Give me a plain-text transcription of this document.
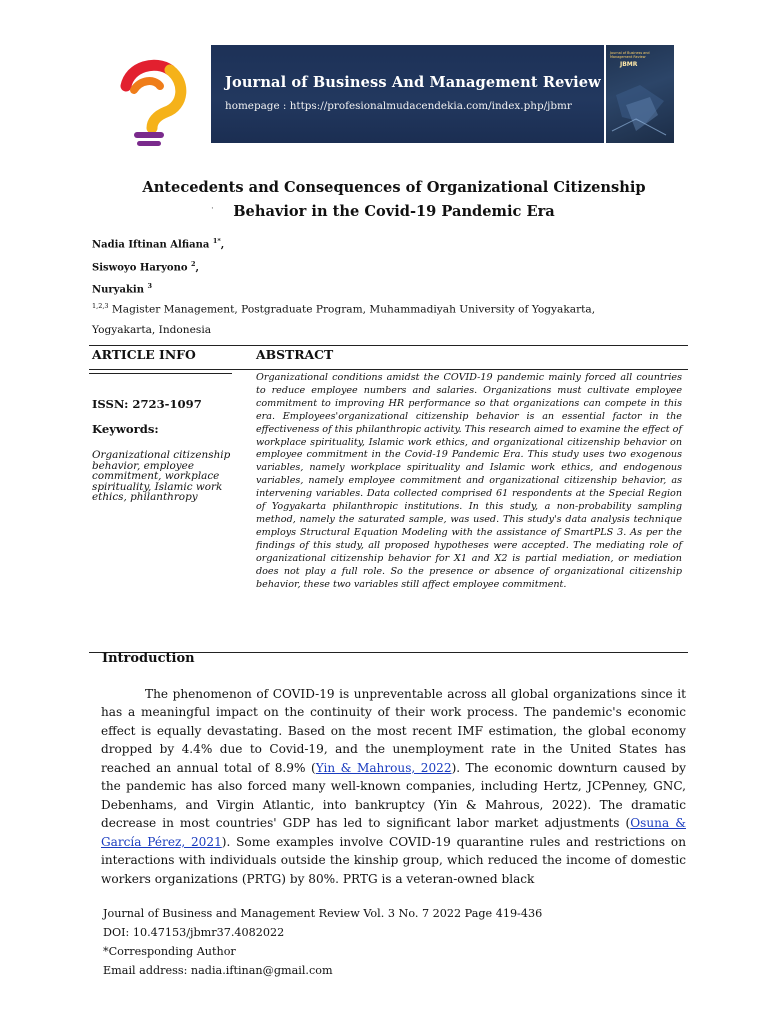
Journal of Business And Management Review
homepage : https://profesionalmudacendekia.com/index.php/jbmr
Journal of Business and Management Review
JBMR
Antecedents and Consequences of Organizational Citizenship
Behavior in the Covid-19 Pandemic Era
·
Nadia Iftinan Alfiana $^{1*}$,
Siswoyo Haryono $^2$,
Nuryakin $^3$
$^{1,2,3}$ Magister Management, Postgraduate Program, Muhammadiyah University of Yogyakarta,
Yogyakarta, Indonesia
ARTICLE INFO	ABSTRACT
ISSN: 2723-1097
Keywords:
Organizational citizenship behavior, employee commitment, workplace spirituality, Islamic work ethics, philanthropy
Organizational conditions amidst the COVID-19 pandemic mainly forced all countries to reduce employee numbers and salaries. Organizations must cultivate employee commitment to improving HR performance so that organizations can compete in this era. Employees'organizational citizenship behavior is an essential factor in the effectiveness of this philanthropic activity. This research aimed to examine the effect of workplace spirituality, Islamic work ethics, and organizational citizenship behavior on employee commitment in the Covid-19 Pandemic Era. This study uses two exogenous variables, namely workplace spirituality and Islamic work ethics, and endogenous variables, namely employee commitment and organizational citizenship behavior, as intervening variables. Data collected comprised 61 respondents at the Special Region of Yogyakarta philanthropic institutions. In this study, a non-probability sampling method, namely the saturated sample, was used. This study's data analysis technique employs Structural Equation Modeling with the assistance of SmartPLS 3. As per the findings of this study, all proposed hypotheses were accepted. The mediating role of organizational citizenship behavior for X1 and X2 is partial mediation, or mediation does not play a full role. So the presence or absence of organizational citizenship behavior, these two variables still affect employee commitment.
Introduction
The phenomenon of COVID-19 is unpreventable across all global organizations since it has a meaningful impact on the continuity of their work process. The pandemic's economic effect is equally devastating. Based on the most recent IMF estimation, the global economy dropped by 4.4% due to Covid-19, and the unemployment rate in the United States has reached an annual total of 8.9% (Yin & Mahrous, 2022). The economic downturn caused by the pandemic has also forced many well-known companies, including Hertz, JCPenney, GNC, Debenhams, and Virgin Atlantic, into bankruptcy (Yin & Mahrous, 2022). The dramatic decrease in most countries' GDP has led to significant labor market adjustments (Osuna & García Pérez, 2021). Some examples involve COVID-19 quarantine rules and restrictions on interactions with individuals outside the kinship group, which reduced the income of domestic workers organizations (PRTG) by 80%. PRTG is a veteran-owned black
Journal of Business and Management Review Vol. 3 No. 7 2022 Page 419-436
DOI: 10.47153/jbmr37.4082022
*Corresponding Author
Email address: nadia.iftinan@gmail.com
